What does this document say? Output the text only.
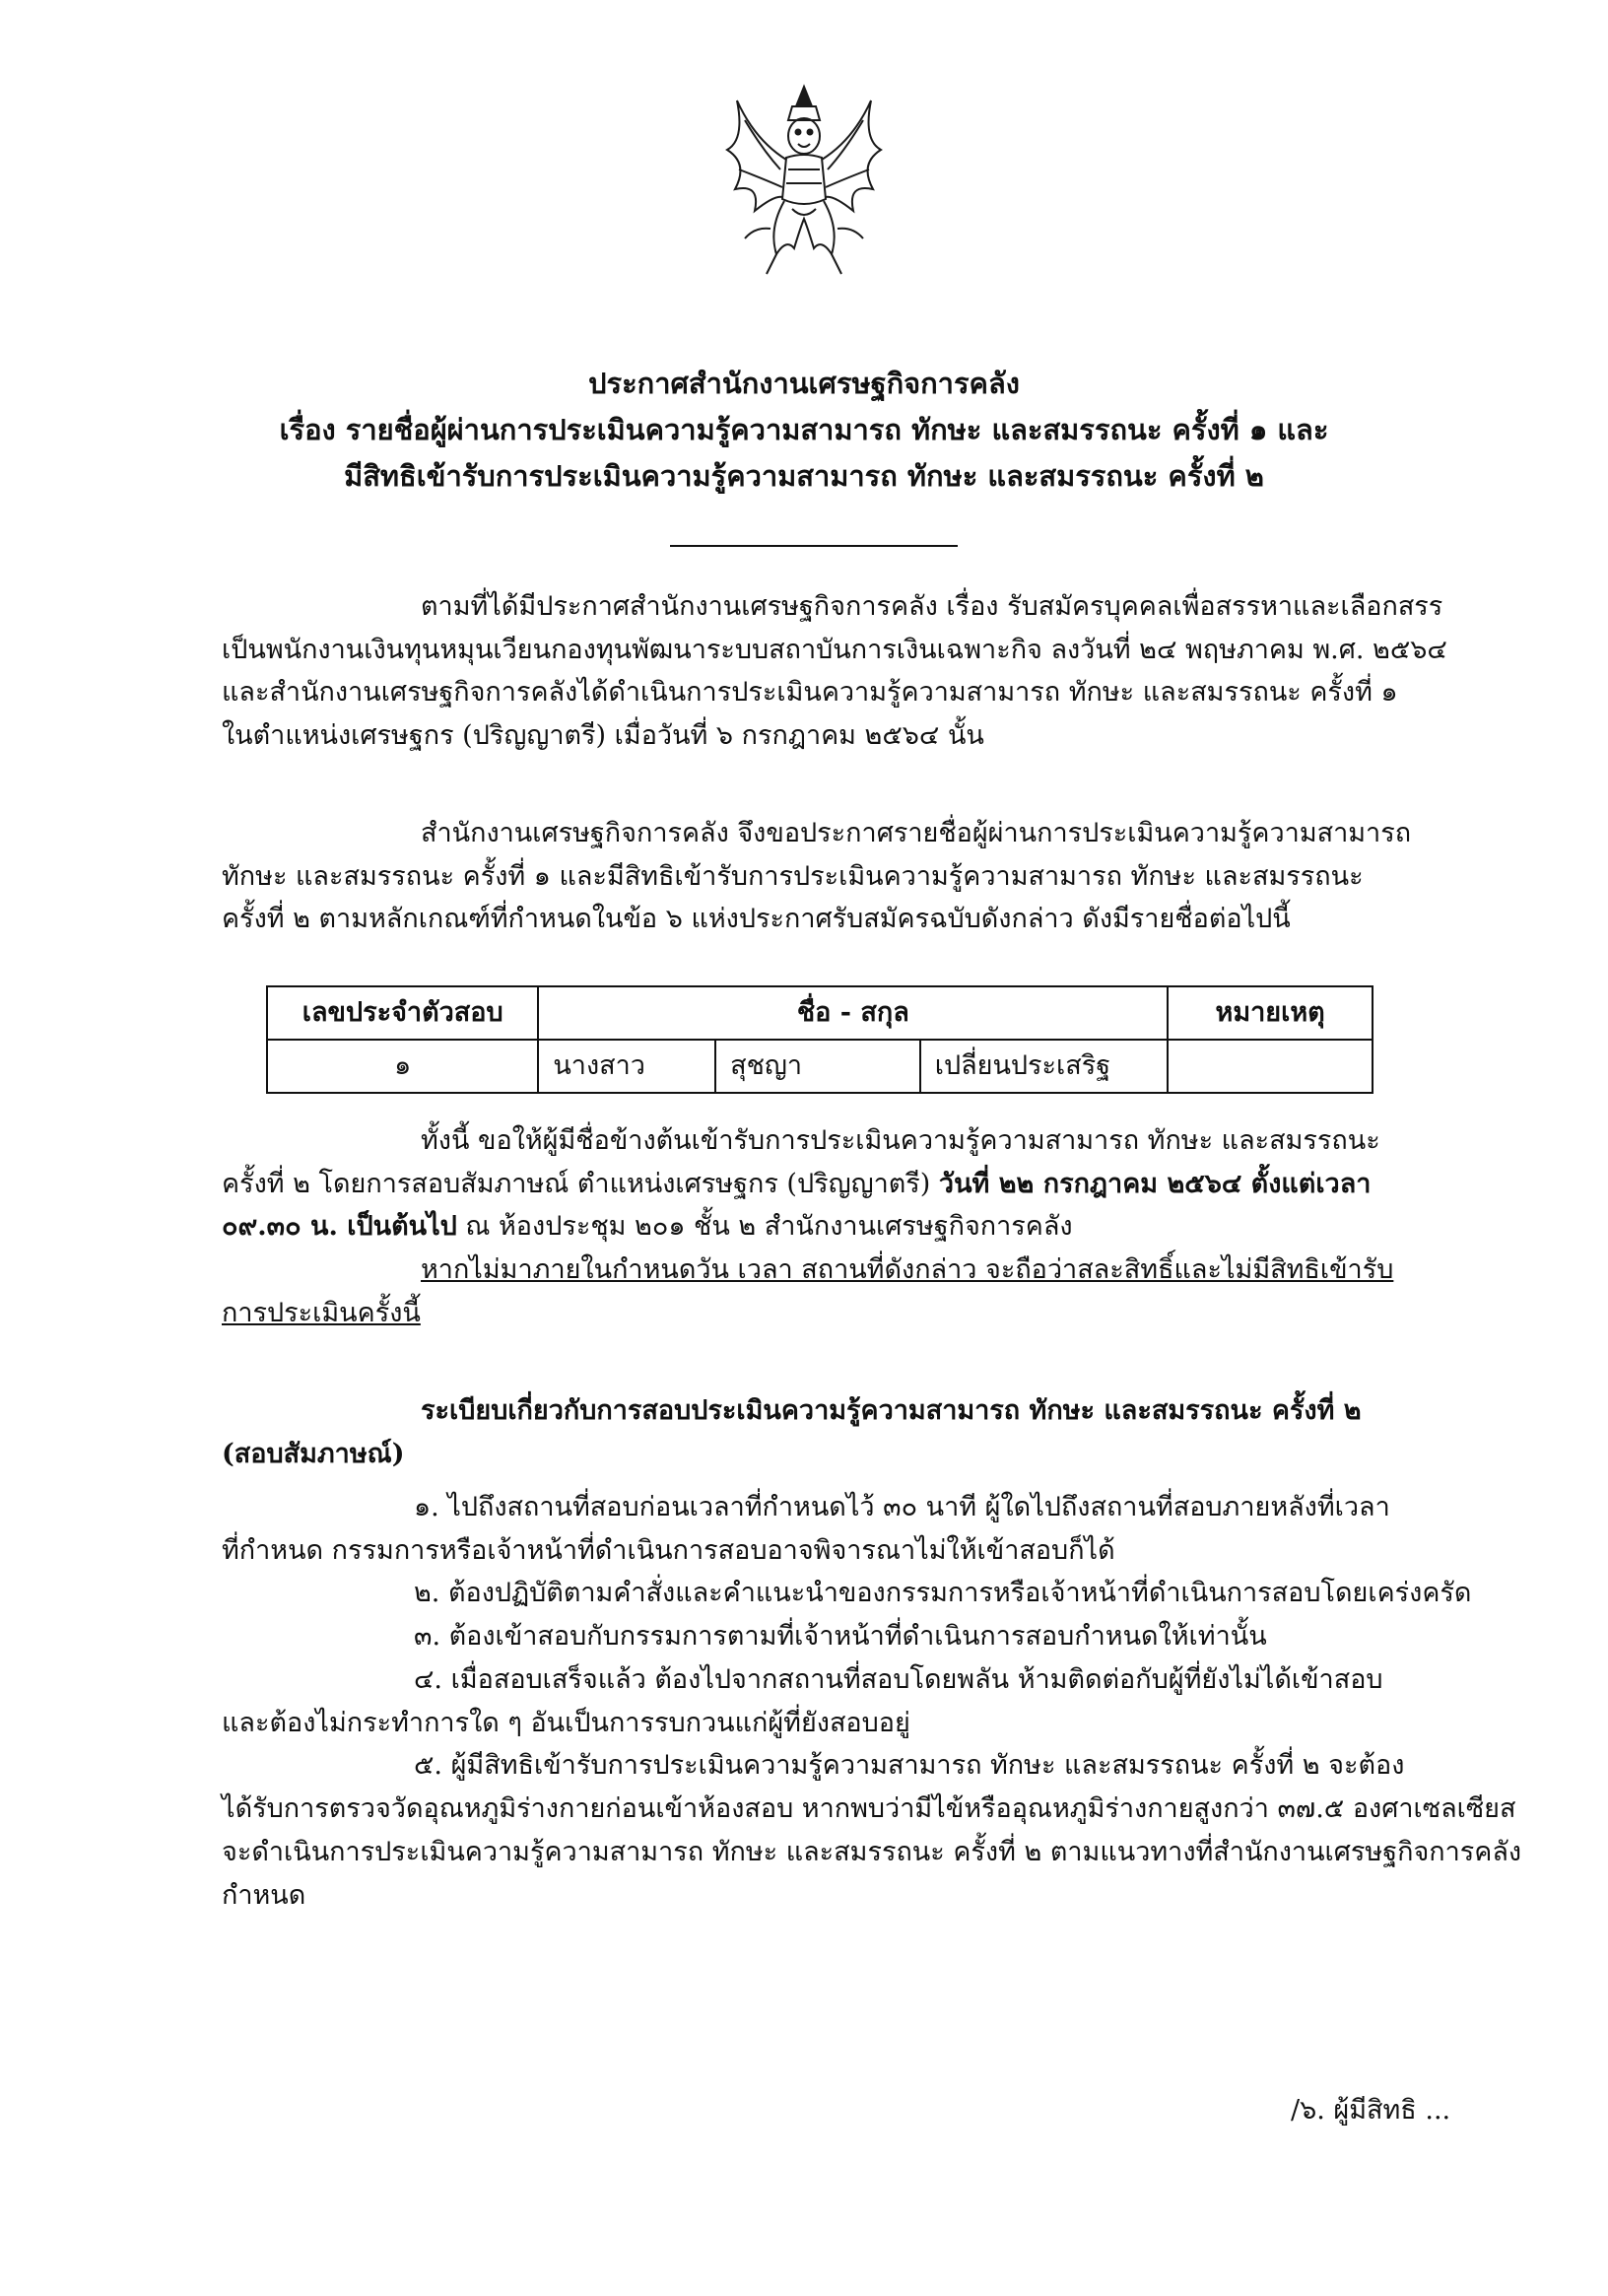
ประกาศสำนักงานเศรษฐกิจการคลัง
เรื่อง รายชื่อผู้ผ่านการประเมินความรู้ความสามารถ ทักษะ และสมรรถนะ ครั้งที่ ๑ และ
มีสิทธิเข้ารับการประเมินความรู้ความสามารถ ทักษะ และสมรรถนะ ครั้งที่ ๒
ตามที่ได้มีประกาศสำนักงานเศรษฐกิจการคลัง เรื่อง รับสมัครบุคคลเพื่อสรรหาและเลือกสรร
เป็นพนักงานเงินทุนหมุนเวียนกองทุนพัฒนาระบบสถาบันการเงินเฉพาะกิจ ลงวันที่ ๒๔ พฤษภาคม พ.ศ. ๒๕๖๔
และสำนักงานเศรษฐกิจการคลังได้ดำเนินการประเมินความรู้ความสามารถ ทักษะ และสมรรถนะ ครั้งที่ ๑
ในตำแหน่งเศรษฐกร (ปริญญาตรี) เมื่อวันที่ ๖ กรกฎาคม ๒๕๖๔ นั้น
สำนักงานเศรษฐกิจการคลัง จึงขอประกาศรายชื่อผู้ผ่านการประเมินความรู้ความสามารถ
ทักษะ และสมรรถนะ ครั้งที่ ๑ และมีสิทธิเข้ารับการประเมินความรู้ความสามารถ ทักษะ และสมรรถนะ
ครั้งที่ ๒ ตามหลักเกณฑ์ที่กำหนดในข้อ ๖ แห่งประกาศรับสมัครฉบับดังกล่าว ดังมีรายชื่อต่อไปนี้
เลขประจำตัวสอบ	ชื่อ - สกุล			หมายเหตุ
๑	นางสาว	สุชญา	เปลี่ยนประเสริฐ	
ทั้งนี้ ขอให้ผู้มีชื่อข้างต้นเข้ารับการประเมินความรู้ความสามารถ ทักษะ และสมรรถนะ
ครั้งที่ ๒ โดยการสอบสัมภาษณ์ ตำแหน่งเศรษฐกร (ปริญญาตรี) วันที่ ๒๒ กรกฎาคม ๒๕๖๔ ตั้งแต่เวลา
๐๙.๓๐ น. เป็นต้นไป ณ ห้องประชุม ๒๐๑ ชั้น ๒ สำนักงานเศรษฐกิจการคลัง
หากไม่มาภายในกำหนดวัน เวลา สถานที่ดังกล่าว จะถือว่าสละสิทธิ์และไม่มีสิทธิเข้ารับ
การประเมินครั้งนี้
ระเบียบเกี่ยวกับการสอบประเมินความรู้ความสามารถ ทักษะ และสมรรถนะ ครั้งที่ ๒
(สอบสัมภาษณ์)
๑. ไปถึงสถานที่สอบก่อนเวลาที่กำหนดไว้ ๓๐ นาที ผู้ใดไปถึงสถานที่สอบภายหลังที่เวลา
ที่กำหนด กรรมการหรือเจ้าหน้าที่ดำเนินการสอบอาจพิจารณาไม่ให้เข้าสอบก็ได้
๒. ต้องปฏิบัติตามคำสั่งและคำแนะนำของกรรมการหรือเจ้าหน้าที่ดำเนินการสอบโดยเคร่งครัด
๓. ต้องเข้าสอบกับกรรมการตามที่เจ้าหน้าที่ดำเนินการสอบกำหนดให้เท่านั้น
๔. เมื่อสอบเสร็จแล้ว ต้องไปจากสถานที่สอบโดยพลัน ห้ามติดต่อกับผู้ที่ยังไม่ได้เข้าสอบ
และต้องไม่กระทำการใด ๆ อันเป็นการรบกวนแก่ผู้ที่ยังสอบอยู่
๕. ผู้มีสิทธิเข้ารับการประเมินความรู้ความสามารถ ทักษะ และสมรรถนะ ครั้งที่ ๒ จะต้อง
ได้รับการตรวจวัดอุณหภูมิร่างกายก่อนเข้าห้องสอบ หากพบว่ามีไข้หรืออุณหภูมิร่างกายสูงกว่า ๓๗.๕ องศาเซลเซียส
จะดำเนินการประเมินความรู้ความสามารถ ทักษะ และสมรรถนะ ครั้งที่ ๒ ตามแนวทางที่สำนักงานเศรษฐกิจการคลัง
กำหนด
/๖. ผู้มีสิทธิ ...
